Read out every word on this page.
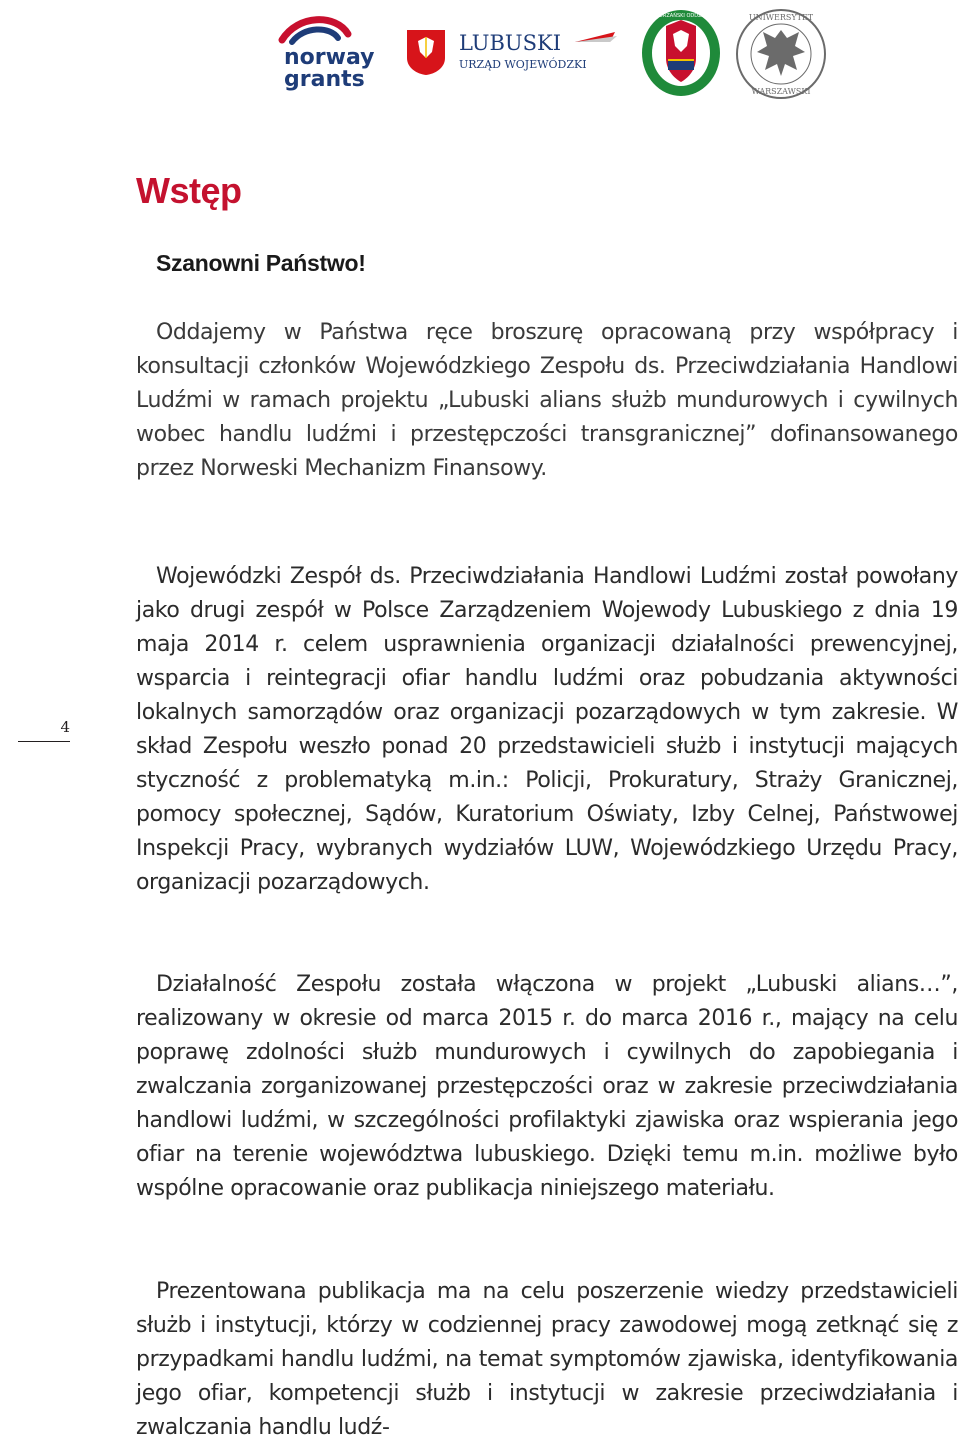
norway
grants
LUBUSKI
URZĄD WOJEWÓDZKI
NADODRZAŃSKI ODDZIAŁ SG	UNIWERSYTET
WARSZAWSKI
4
Wstęp
Szanowni Państwo!

Oddajemy w Państwa ręce broszurę opracowaną przy współpracy i konsultacji członków Wojewódzkiego Zespołu ds. Przeciwdziałania Handlowi Ludźmi w ramach projektu „Lubuski alians służb mundurowych i cywilnych wobec handlu ludźmi i przestępczości transgranicznej” dofinansowanego przez Norweski Mechanizm Finansowy.

Wojewódzki Zespół ds. Przeciwdziałania Handlowi Ludźmi został powołany jako drugi zespół w Polsce Zarządzeniem Wojewody Lubuskiego z dnia 19 maja 2014 r. celem usprawnienia organizacji działalności prewencyjnej, wsparcia i reintegracji ofiar handlu ludźmi oraz pobudzania aktywności lokalnych samorządów oraz organizacji pozarządowych w tym zakresie. W skład Zespołu weszło ponad 20 przedstawicieli służb i instytucji mających styczność z problematyką m.in.: Policji, Prokuratury, Straży Granicznej, pomocy społecznej, Sądów, Kuratorium Oświaty, Izby Celnej, Państwowej Inspekcji Pracy, wybranych wydziałów LUW, Wojewódzkiego Urzędu Pracy, organizacji pozarządowych.

Działalność Zespołu została włączona w projekt „Lubuski alians…”, realizowany w okresie od marca 2015 r. do marca 2016 r., mający na celu poprawę zdolności służb mundurowych i cywilnych do zapobiegania i zwalczania zorganizowanej przestępczości oraz w zakresie przeciwdziałania handlowi ludźmi, w szczególności profilaktyki zjawiska oraz wspierania jego ofiar na terenie województwa lubuskiego. Dzięki temu m.in. możliwe było wspólne opracowanie oraz publikacja niniejszego materiału.

Prezentowana publikacja ma na celu poszerzenie wiedzy przedstawicieli służb i instytucji, którzy w codziennej pracy zawodowej mogą zetknąć się z przypadkami handlu ludźmi, na temat symptomów zjawiska, identyfikowania jego ofiar, kompetencji służb i instytucji w zakresie przeciwdziałania i zwalczania handlu ludź-
